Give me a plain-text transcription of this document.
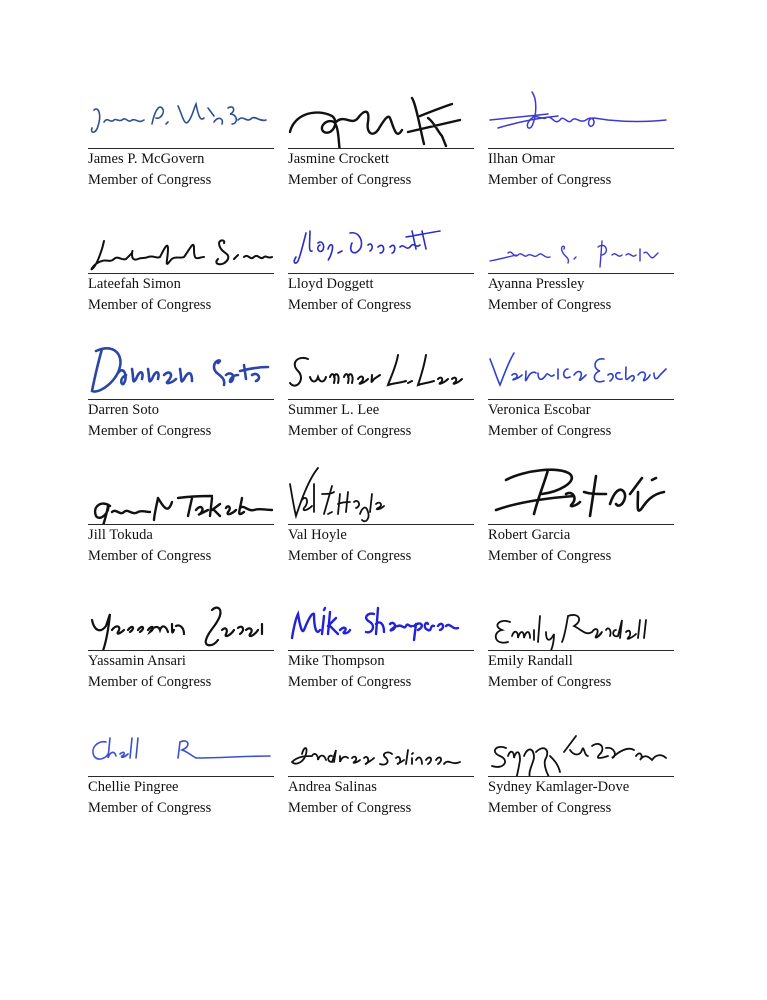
James P. McGovern
Member of Congress
Jasmine Crockett
Member of Congress
Ilhan Omar
Member of Congress
Lateefah Simon
Member of Congress
Lloyd Doggett
Member of Congress
Ayanna Pressley
Member of Congress
Darren Soto
Member of Congress
Summer L. Lee
Member of Congress
Veronica Escobar
Member of Congress
Jill Tokuda
Member of Congress
Val Hoyle
Member of Congress
Robert Garcia
Member of Congress
Yassamin Ansari
Member of Congress
Mike Thompson
Member of Congress
Emily Randall
Member of Congress
Chellie Pingree
Member of Congress
Andrea Salinas
Member of Congress
Sydney Kamlager-Dove
Member of Congress
